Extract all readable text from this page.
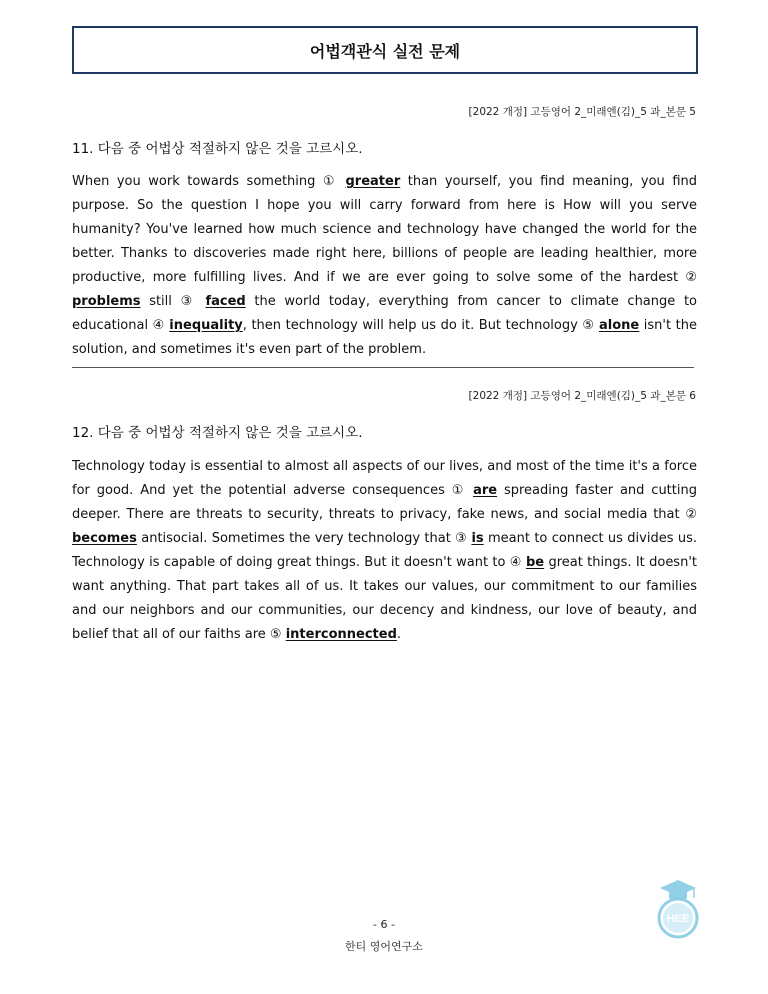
어법객관식 실전 문제
[2022 개정] 고등영어 2_미래엔(김)_5 과_본문 5
11. 다음 중 어법상 적절하지 않은 것을 고르시오.

When you work towards something ① greater than yourself, you find meaning, you find purpose. So the question I hope you will carry forward from here is How will you serve humanity? You've learned how much science and technology have changed the world for the better. Thanks to discoveries made right here, billions of people are leading healthier, more productive, more fulfilling lives. And if we are ever going to solve some of the hardest ② problems still ③ faced the world today, everything from cancer to climate change to educational ④ inequality, then technology will help us do it. But technology ⑤ alone isn't the solution, and sometimes it's even part of the problem.

[2022 개정] 고등영어 2_미래엔(김)_5 과_본문 6
12. 다음 중 어법상 적절하지 않은 것을 고르시오.

Technology today is essential to almost all aspects of our lives, and most of the time it's a force for good. And yet the potential adverse consequences ① are spreading faster and cutting deeper. There are threats to security, threats to privacy, fake news, and social media that ② becomes antisocial. Sometimes the very technology that ③ is meant to connect us divides us. Technology is capable of doing great things. But it doesn't want to ④ be great things. It doesn't want anything. That part takes all of us. It takes our values, our commitment to our families and our neighbors and our communities, our decency and kindness, our love of beauty, and belief that all of our faiths are ⑤ interconnected.

HEE
- 6 -
한티 영어연구소
